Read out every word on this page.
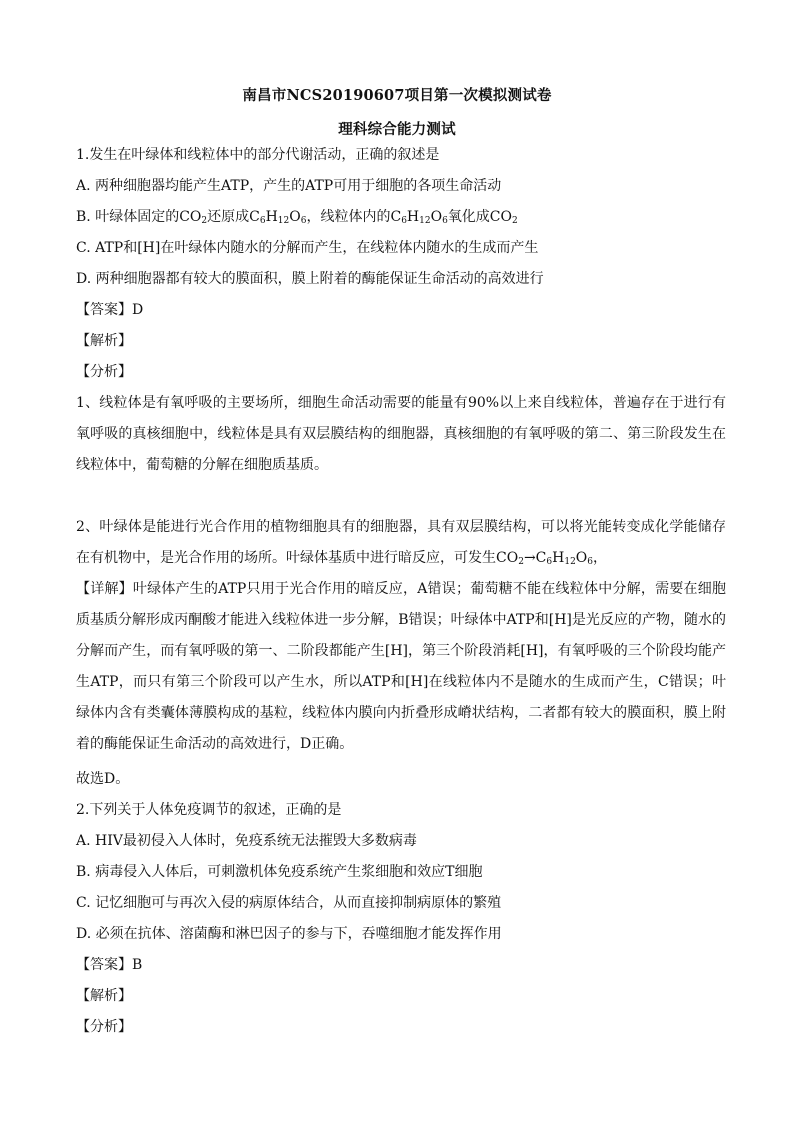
南昌市NCS20190607项目第一次模拟测试卷
理科综合能力测试
1.发生在叶绿体和线粒体中的部分代谢活动，正确的叙述是
A. 两种细胞器均能产生ATP，产生的ATP可用于细胞的各项生命活动
B. 叶绿体固定的$CO_2$还原成$C_6H_{12}O_6$，线粒体内的$C_6H_{12}O_6$氧化成$CO_2$
C. ATP和[H]在叶绿体内随水的分解而产生，在线粒体内随水的生成而产生
D. 两种细胞器都有较大的膜面积，膜上附着的酶能保证生命活动的高效进行
【答案】D
【解析】
【分析】
1、线粒体是有氧呼吸的主要场所，细胞生命活动需要的能量有90%以上来自线粒体，普遍存在于进行有氧呼吸的真核细胞中，线粒体是具有双层膜结构的细胞器，真核细胞的有氧呼吸的第二、第三阶段发生在线粒体中，葡萄糖的分解在细胞质基质。
2、叶绿体是能进行光合作用的植物细胞具有的细胞器，具有双层膜结构，可以将光能转变成化学能储存在有机物中，是光合作用的场所。叶绿体基质中进行暗反应，可发生$CO_2\to C_6H_{12}O_6$，
【详解】叶绿体产生的ATP只用于光合作用的暗反应，A错误；葡萄糖不能在线粒体中分解，需要在细胞质基质分解形成丙酮酸才能进入线粒体进一步分解，B错误；叶绿体中ATP和[H]是光反应的产物，随水的分解而产生，而有氧呼吸的第一、二阶段都能产生[H]，第三个阶段消耗[H]，有氧呼吸的三个阶段均能产生ATP，而只有第三个阶段可以产生水，所以ATP和[H]在线粒体内不是随水的生成而产生，C错误；叶绿体内含有类囊体薄膜构成的基粒，线粒体内膜向内折叠形成嵴状结构，二者都有较大的膜面积，膜上附着的酶能保证生命活动的高效进行，D正确。
故选D。
2.下列关于人体免疫调节的叙述，正确的是
A. HIV最初侵入人体时，免疫系统无法摧毁大多数病毒
B. 病毒侵入人体后，可刺激机体免疫系统产生浆细胞和效应T细胞
C. 记忆细胞可与再次入侵的病原体结合，从而直接抑制病原体的繁殖
D. 必须在抗体、溶菌酶和淋巴因子的参与下，吞噬细胞才能发挥作用
【答案】B
【解析】
【分析】
